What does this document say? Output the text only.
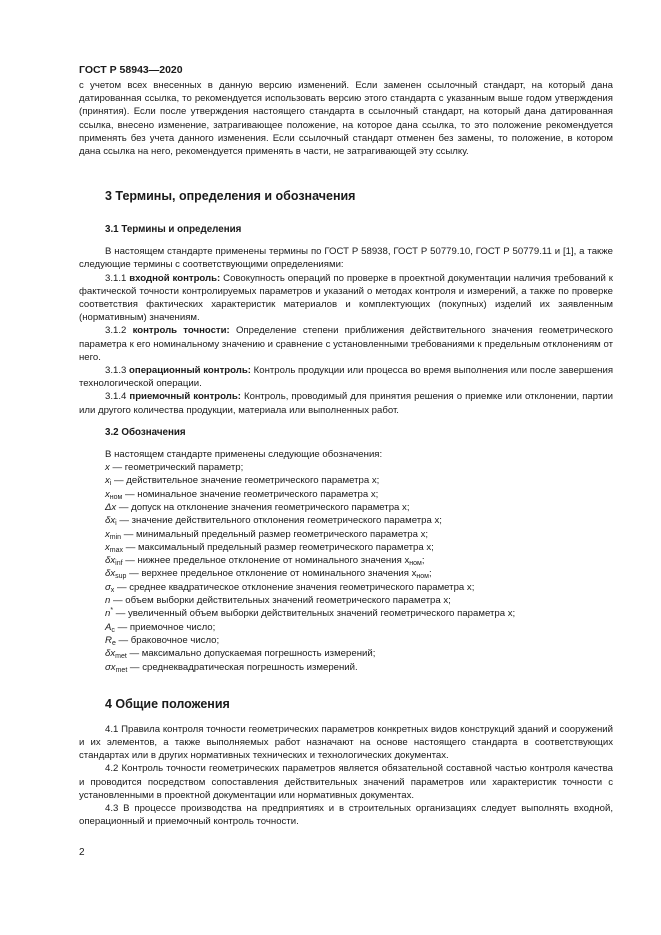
ГОСТ Р 58943—2020

с учетом всех внесенных в данную версию изменений. Если заменен ссылочный стандарт, на который дана датированная ссылка, то рекомендуется использовать версию этого стандарта с указанным выше годом утверждения (принятия). Если после утверждения настоящего стандарта в ссылочный стандарт, на который дана датированная ссылка, внесено изменение, затрагивающее положение, на которое дана ссылка, то это положение рекомендуется применять без учета данного изменения. Если ссылочный стандарт отменен без замены, то положение, в котором дана ссылка на него, рекомендуется применять в части, не затрагивающей эту ссылку.

3 Термины, определения и обозначения
3.1 Термины и определения

В настоящем стандарте применены термины по ГОСТ Р 58938, ГОСТ Р 50779.10, ГОСТ Р 50779.11 и [1], а также следующие термины с соответствующими определениями:

3.1.1 входной контроль: Совокупность операций по проверке в проектной документации наличия требований к фактической точности контролируемых параметров и указаний о методах контроля и измерений, а также по проверке соответствия фактических характеристик материалов и комплектующих (покупных) изделий их заявленным (нормативным) значениям.

3.1.2 контроль точности: Определение степени приближения действительного значения геометрического параметра к его номинальному значению и сравнение с установленными требованиями к предельным отклонениям от него.

3.1.3 операционный контроль: Контроль продукции или процесса во время выполнения или после завершения технологической операции.

3.1.4 приемочный контроль: Контроль, проводимый для принятия решения о приемке или отклонении, партии или другого количества продукции, материала или выполненных работ.

3.2 Обозначения

В настоящем стандарте применены следующие обозначения:

x — геометрический параметр;
$x_i$ — действительное значение геометрического параметра x;
$x_{ном}$ — номинальное значение геометрического параметра x;
Δx — допуск на отклонение значения геометрического параметра x;
$\delta x_i$ — значение действительного отклонения геометрического параметра x;
$x_{min}$ — минимальный предельный размер геометрического параметра x;
$x_{max}$ — максимальный предельный размер геометрического параметра x;
$\delta x_{inf}$ — нижнее предельное отклонение от номинального значения $x_{ном}$;
$\delta x_{sup}$ — верхнее предельное отклонение от номинального значения $x_{ном}$;
$\sigma_x$ — среднее квадратическое отклонение значения геометрического параметра x;
n — объем выборки действительных значений геометрического параметра x;
n* — увеличенный объем выборки действительных значений геометрического параметра x;
$A_c$ — приемочное число;
$R_e$ — браковочное число;
$\delta x_{met}$ — максимально допускаемая погрешность измерений;
$\sigma x_{met}$ — среднеквадратическая погрешность измерений.
4 Общие положения

4.1 Правила контроля точности геометрических параметров конкретных видов конструкций зданий и сооружений и их элементов, а также выполняемых работ назначают на основе настоящего стандарта в соответствующих стандартах или в других нормативных технических и технологических документах.

4.2 Контроль точности геометрических параметров является обязательной составной частью контроля качества и проводится посредством сопоставления действительных значений параметров или характеристик точности с установленными в проектной документации или нормативных документах.

4.3 В процессе производства на предприятиях и в строительных организациях следует выполнять входной, операционный и приемочный контроль точности.

2
